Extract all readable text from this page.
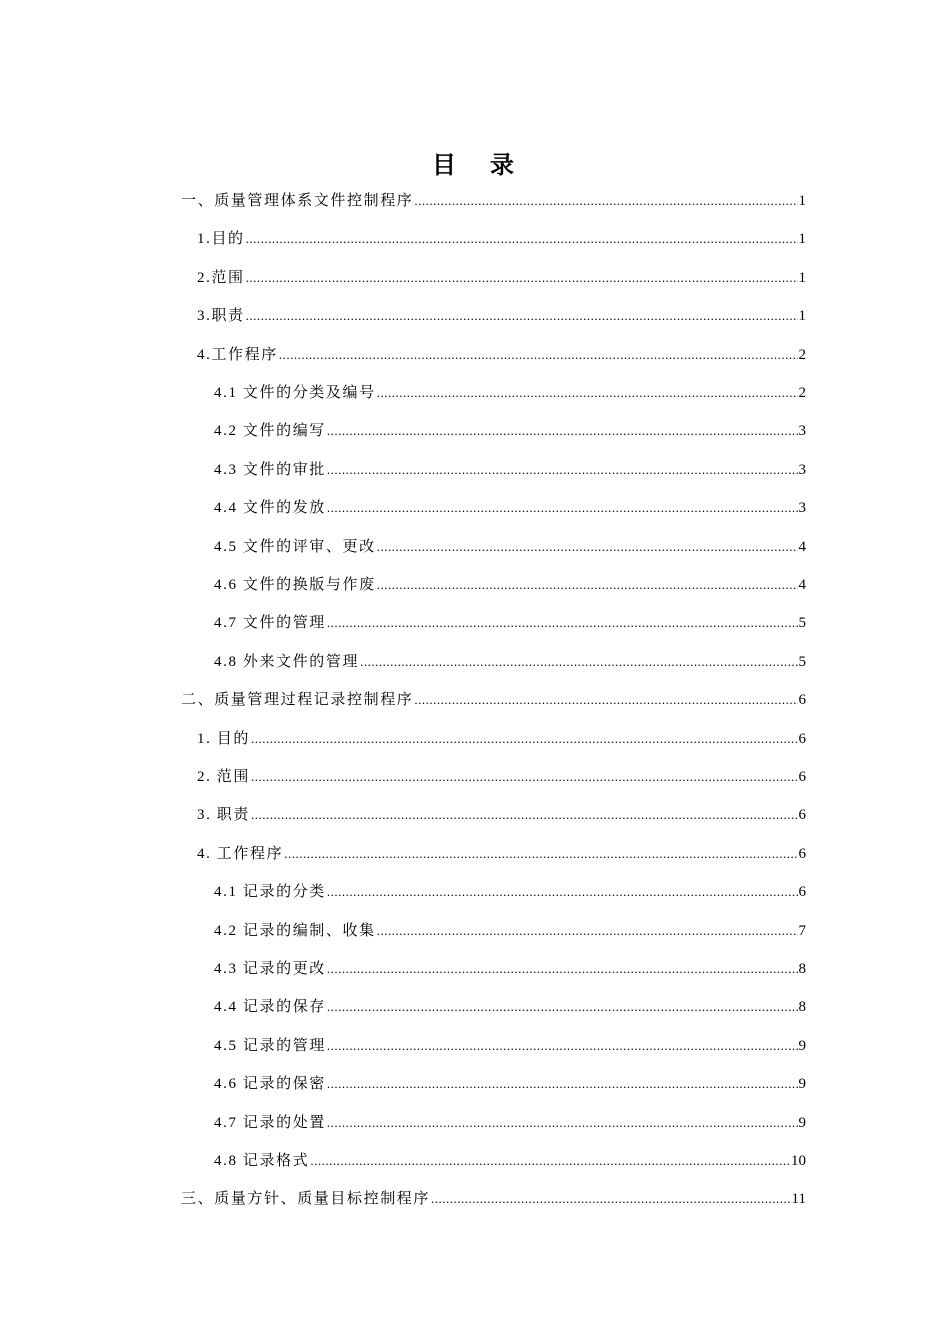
目 录
一、质量管理体系文件控制程序 .....	1
1.目的 .....	1
2.范围 .....	1
3.职责 .....	1
4.工作程序 .....	2
4.1 文件的分类及编号 .....	2
4.2 文件的编写 .....	3
4.3 文件的审批 .....	3
4.4 文件的发放 .....	3
4.5 文件的评审、更改 .....	4
4.6 文件的换版与作废 .....	4
4.7 文件的管理 .....	5
4.8 外来文件的管理 .....	5
二、质量管理过程记录控制程序 .....	6
1. 目的 .....	6
2. 范围 .....	6
3. 职责 .....	6
4. 工作程序 .....	6
4.1 记录的分类 .....	6
4.2 记录的编制、收集 .....	7
4.3 记录的更改 .....	8
4.4 记录的保存 .....	8
4.5 记录的管理 .....	9
4.6 记录的保密 .....	9
4.7 记录的处置 .....	9
4.8 记录格式 .....	10
三、质量方针、质量目标控制程序 .....	11
